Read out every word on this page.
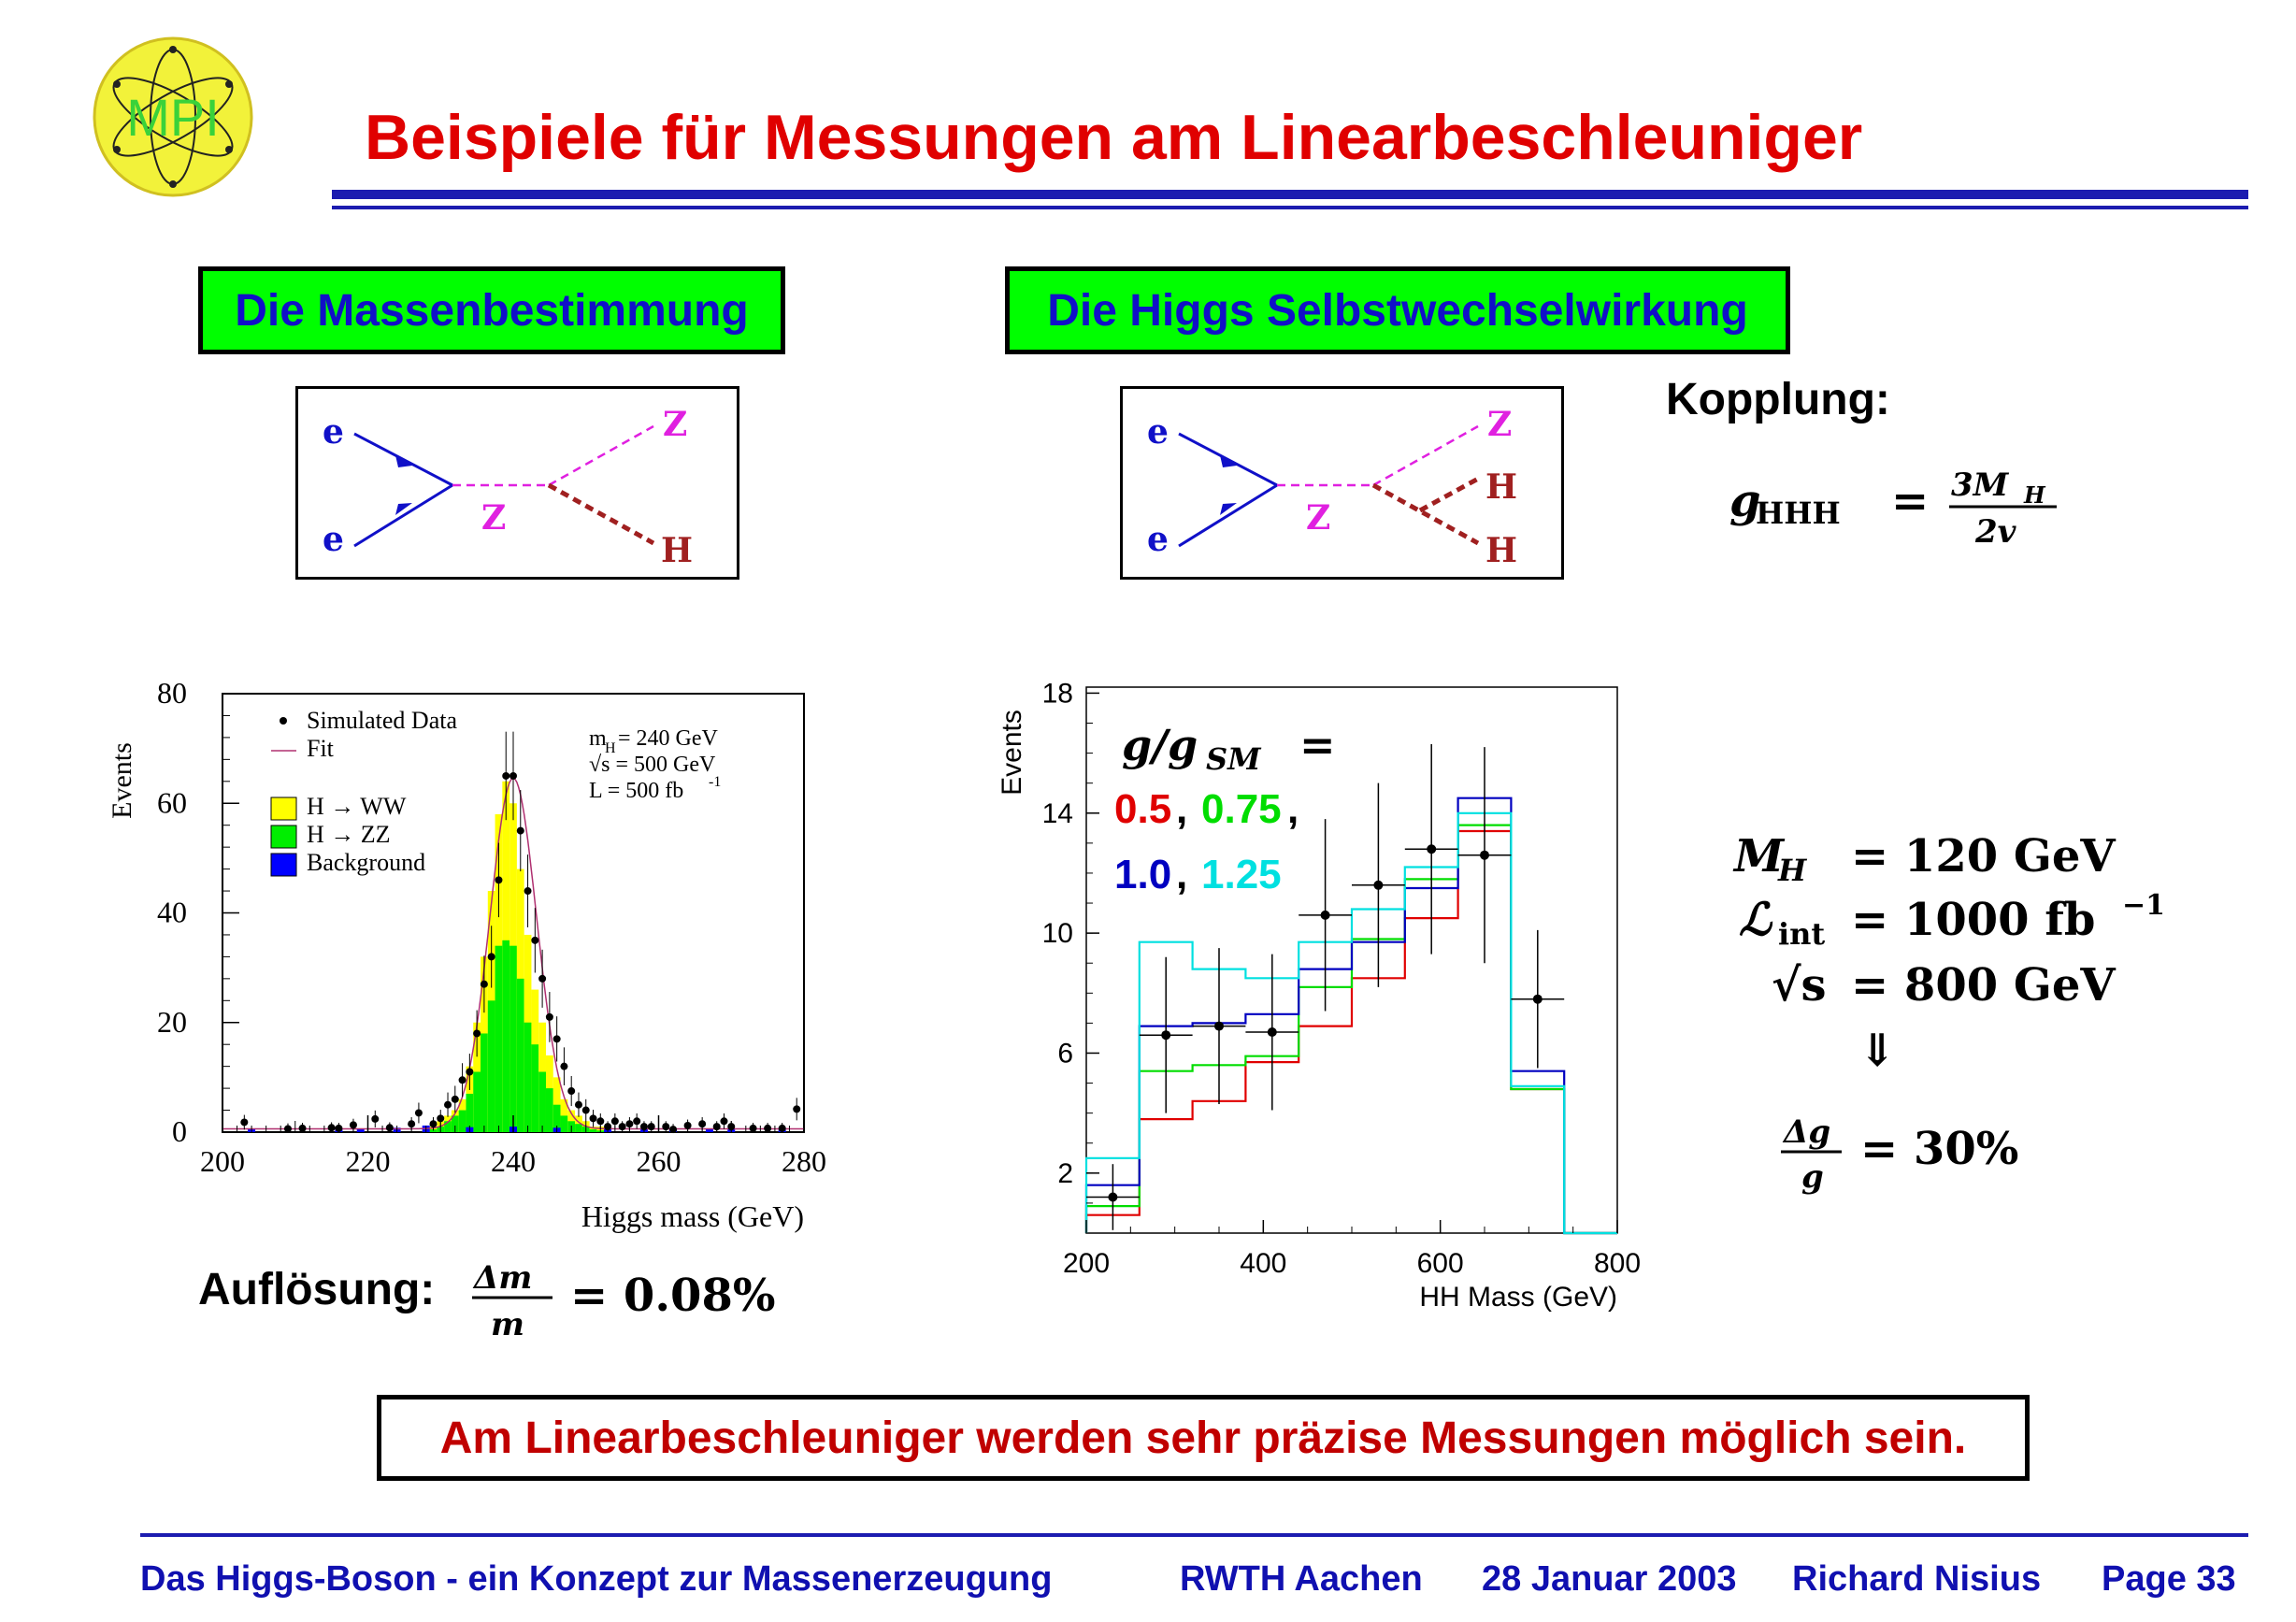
MPI Beispiele für Messungen am Linearbeschleuniger
Die Massenbestimmung	Die Higgs Selbstwechselwirkung
e
e
Z
Z
H
e
e
Z
Z
H
H
Kopplung:
g
HHH = 3M H
2v
M
H = 120 GeV
ℒ int = 1000 fb −1
√s = 800 GeV
⇓
Δg
g
= 30%
Auflösung: Δm
m
= 0.08%
200	220	240	260	280
0
20
40
60
80
Events
Higgs mass (GeV)
Simulated Data
Fit
H → WW
H → ZZ
Background
m
H = 240 GeV
√s = 500 GeV
L = 500 fb -1
200	400	600	800
2
6
10
14
18
Events
HH Mass (GeV)
g/g SM =
0.5 , 0.75 ,
1.0 , 1.25
Am Linearbeschleuniger werden sehr präzise Messungen möglich sein.
Das Higgs-Boson - ein Konzept zur Massenerzeugung	RWTH Aachen 28 Januar 2003 Richard Nisius Page 33
